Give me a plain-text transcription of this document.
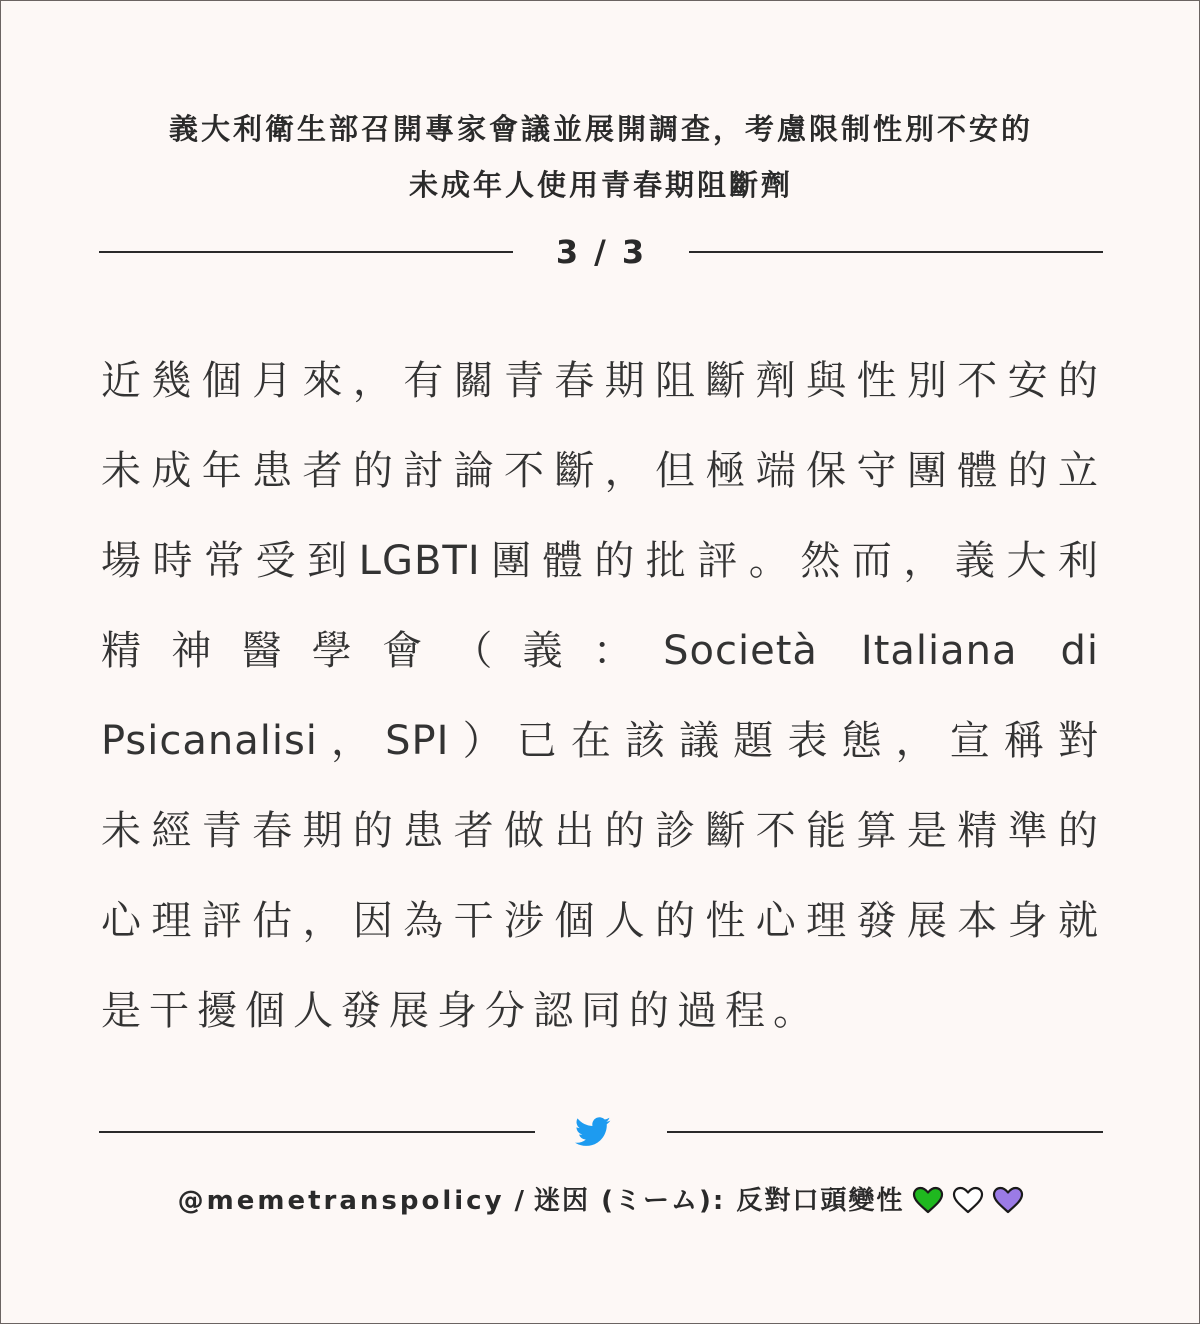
義大利衛生部召開專家會議並展開調查，考慮限制性別不安的
未成年人使用青春期阻斷劑
3 / 3
近幾個月來，有關青春期阻斷劑與性別不安的
未成年患者的討論不斷，但極端保守團體的立
場時常受到LGBTI團體的批評。然而，義大利
精神醫學會（義：Società Italiana di
Psicanalisi，SPI）已在該議題表態，宣稱對
未經青春期的患者做出的診斷不能算是精準的
心理評估，因為干涉個人的性心理發展本身就
是干擾個人發展身分認同的過程。
@memetranspolicy / 迷因 (ミーム): 反對口頭變性
